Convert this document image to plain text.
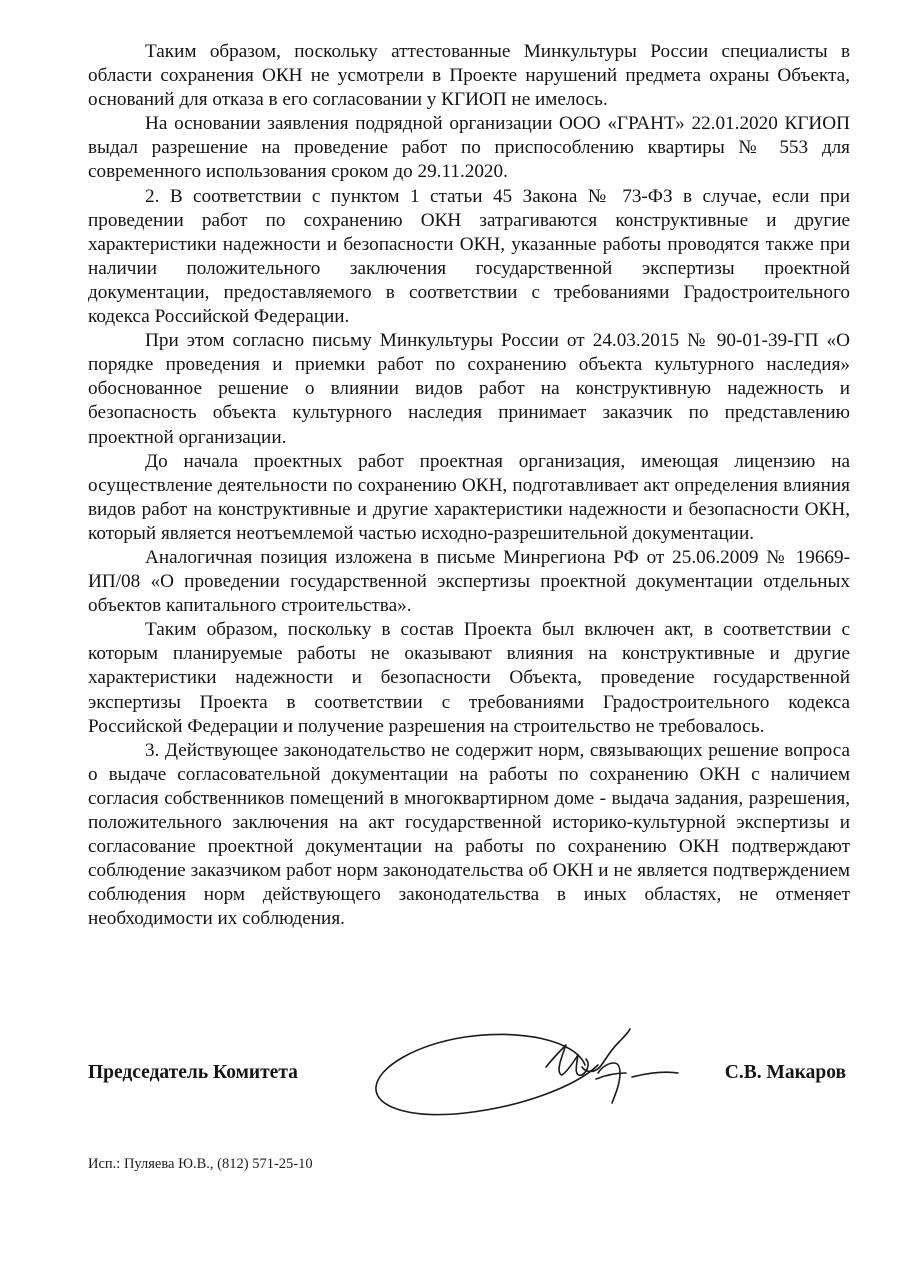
Таким образом, поскольку аттестованные Минкультуры России специалисты в области сохранения ОКН не усмотрели в Проекте нарушений предмета охраны Объекта, оснований для отказа в его согласовании у КГИОП не имелось.

На основании заявления подрядной организации ООО «ГРАНТ» 22.01.2020 КГИОП выдал разрешение на проведение работ по приспособлению квартиры № 553 для современного использования сроком до 29.11.2020.

2. В соответствии с пунктом 1 статьи 45 Закона № 73-ФЗ в случае, если при проведении работ по сохранению ОКН затрагиваются конструктивные и другие характеристики надежности и безопасности ОКН, указанные работы проводятся также при наличии положительного заключения государственной экспертизы проектной документации, предоставляемого в соответствии с требованиями Градостроительного кодекса Российской Федерации.

При этом согласно письму Минкультуры России от 24.03.2015 № 90-01-39-ГП «О порядке проведения и приемки работ по сохранению объекта культурного наследия» обоснованное решение о влиянии видов работ на конструктивную надежность и безопасность объекта культурного наследия принимает заказчик по представлению проектной организации.

До начала проектных работ проектная организация, имеющая лицензию на осуществление деятельности по сохранению ОКН, подготавливает акт определения влияния видов работ на конструктивные и другие характеристики надежности и безопасности ОКН, который является неотъемлемой частью исходно-разрешительной документации.

Аналогичная позиция изложена в письме Минрегиона РФ от 25.06.2009 № 19669-ИП/08 «О проведении государственной экспертизы проектной документации отдельных объектов капитального строительства».

Таким образом, поскольку в состав Проекта был включен акт, в соответствии с которым планируемые работы не оказывают влияния на конструктивные и другие характеристики надежности и безопасности Объекта, проведение государственной экспертизы Проекта в соответствии с требованиями Градостроительного кодекса Российской Федерации и получение разрешения на строительство не требовалось.

3. Действующее законодательство не содержит норм, связывающих решение вопроса о выдаче согласовательной документации на работы по сохранению ОКН с наличием согласия собственников помещений в многоквартирном доме - выдача задания, разрешения, положительного заключения на акт государственной историко-культурной экспертизы и согласование проектной документации на работы по сохранению ОКН подтверждают соблюдение заказчиком работ норм законодательства об ОКН и не является подтверждением соблюдения норм действующего законодательства в иных областях, не отменяет необходимости их соблюдения.

Председатель Комитета	С.В. Макаров
Исп.: Пуляева Ю.В., (812) 571-25-10
